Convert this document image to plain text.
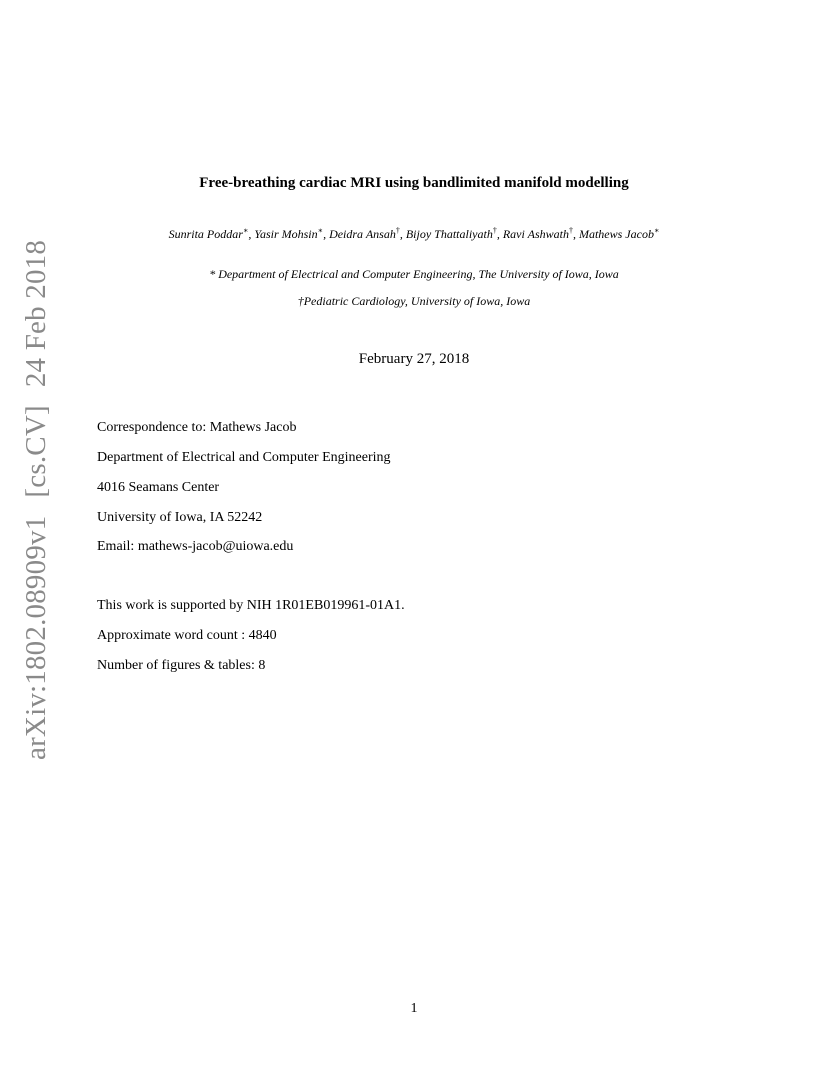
arXiv:1802.08909v1[cs.CV]24 Feb 2018
Free-breathing cardiac MRI using bandlimited manifold modelling
Sunrita Poddar∗, Yasir Mohsin∗, Deidra Ansah†, Bijoy Thattaliyath†, Ravi Ashwath†, Mathews Jacob∗
* Department of Electrical and Computer Engineering, The University of Iowa, Iowa
†Pediatric Cardiology, University of Iowa, Iowa
February 27, 2018
Correspondence to: Mathews Jacob
Department of Electrical and Computer Engineering
4016 Seamans Center
University of Iowa, IA 52242
Email: mathews-jacob@uiowa.edu
This work is supported by NIH 1R01EB019961-01A1.
Approximate word count : 4840
Number of figures & tables: 8
1
